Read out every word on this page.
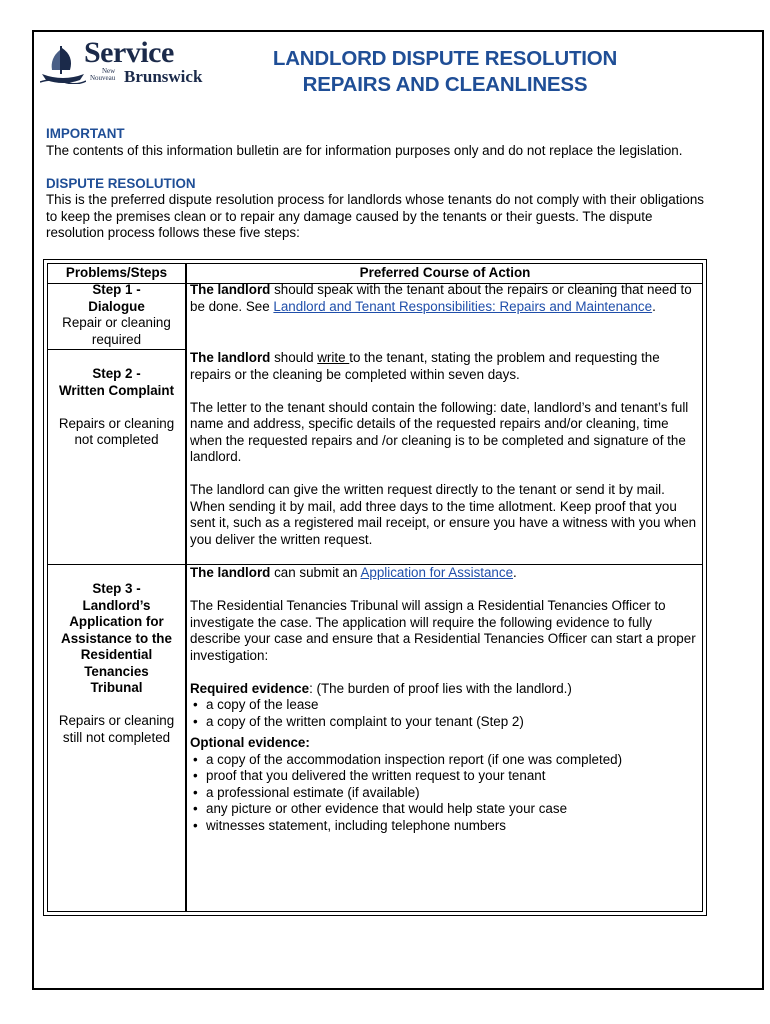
Service
New
Nouveau Brunswick
LANDLORD DISPUTE RESOLUTION
REPAIRS AND CLEANLINESS
IMPORTANT
The contents of this information bulletin are for information purposes only and do not replace the legislation.
DISPUTE RESOLUTION
This is the preferred dispute resolution process for landlords whose tenants do not comply with their obligations to keep the premises clean or to repair any damage caused by the tenants or their guests. The dispute resolution process follows these five steps:
Problems/Steps	Preferred Course of Action
Step 1 -
Dialogue
Repair or cleaning
required
The landlord should speak with the tenant about the repairs or cleaning that need to be done. See Landlord and Tenant Responsibilities: Repairs and Maintenance.
Step 2 -
Written Complaint
Repairs or cleaning
not completed
The landlord should write to the tenant, stating the problem and requesting the repairs or the cleaning be completed within seven days.
The letter to the tenant should contain the following: date, landlord’s and tenant’s full name and address, specific details of the requested repairs and/or cleaning, time when the requested repairs and /or cleaning is to be completed and signature of the landlord.
The landlord can give the written request directly to the tenant or send it by mail. When sending it by mail, add three days to the time allotment. Keep proof that you sent it, such as a registered mail receipt, or ensure you have a witness with you when you deliver the written request.
Step 3 -
Landlord’s
Application for
Assistance to the
Residential
Tenancies
Tribunal
Repairs or cleaning
still not completed
The landlord can submit an Application for Assistance.
The Residential Tenancies Tribunal will assign a Residential Tenancies Officer to investigate the case. The application will require the following evidence to fully describe your case and ensure that a Residential Tenancies Officer can start a proper investigation:
Required evidence: (The burden of proof lies with the landlord.)
• a copy of the lease
• a copy of the written complaint to your tenant (Step 2)
Optional evidence:
• a copy of the accommodation inspection report (if one was completed)
• proof that you delivered the written request to your tenant
• a professional estimate (if available)
• any picture or other evidence that would help state your case
• witnesses statement, including telephone numbers
